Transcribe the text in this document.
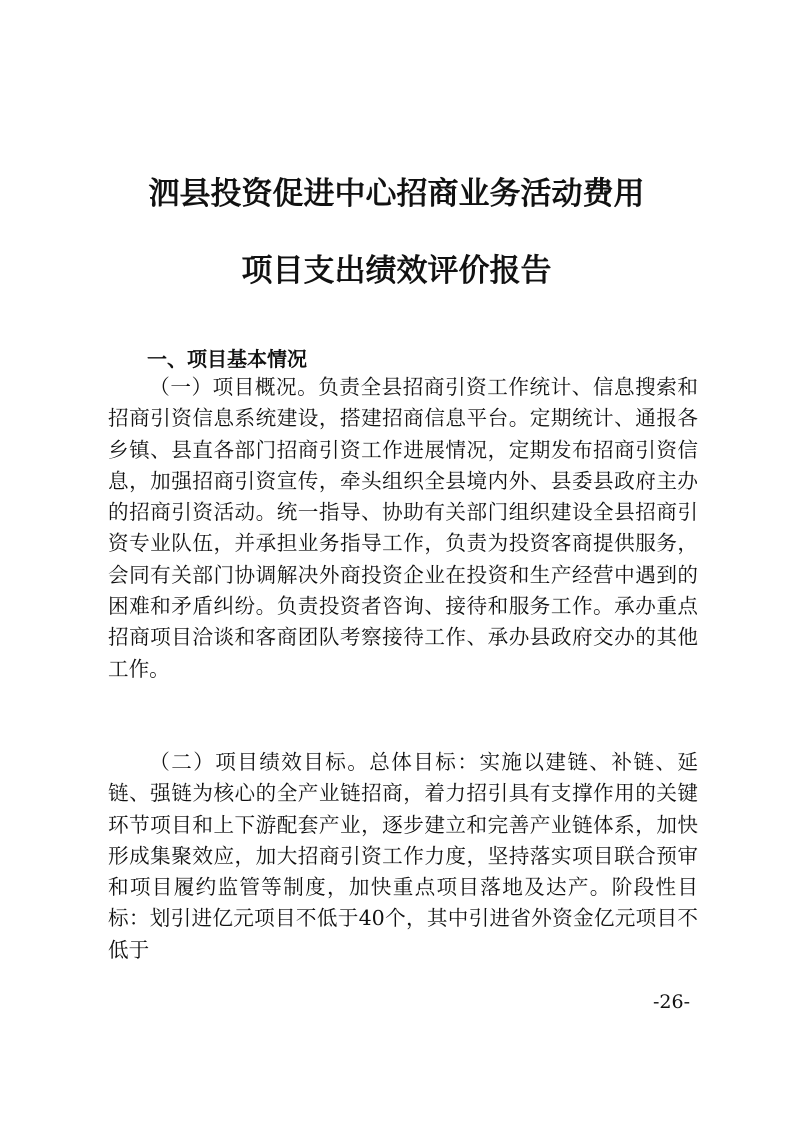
泗县投资促进中心招商业务活动费用
项目支出绩效评价报告
一、项目基本情况

（一）项目概况。负责全县招商引资工作统计、信息搜索和招商引资信息系统建设，搭建招商信息平台。定期统计、通报各乡镇、县直各部门招商引资工作进展情况，定期发布招商引资信息，加强招商引资宣传，牵头组织全县境内外、县委县政府主办的招商引资活动。统一指导、协助有关部门组织建设全县招商引资专业队伍，并承担业务指导工作，负责为投资客商提供服务，会同有关部门协调解决外商投资企业在投资和生产经营中遇到的困难和矛盾纠纷。负责投资者咨询、接待和服务工作。承办重点招商项目洽谈和客商团队考察接待工作、承办县政府交办的其他工作。

（二）项目绩效目标。总体目标：实施以建链、补链、延链、强链为核心的全产业链招商，着力招引具有支撑作用的关键环节项目和上下游配套产业，逐步建立和完善产业链体系，加快形成集聚效应，加大招商引资工作力度，坚持落实项目联合预审和项目履约监管等制度，加快重点项目落地及达产。阶段性目标：划引进亿元项目不低于40个，其中引进省外资金亿元项目不低于

-26-
